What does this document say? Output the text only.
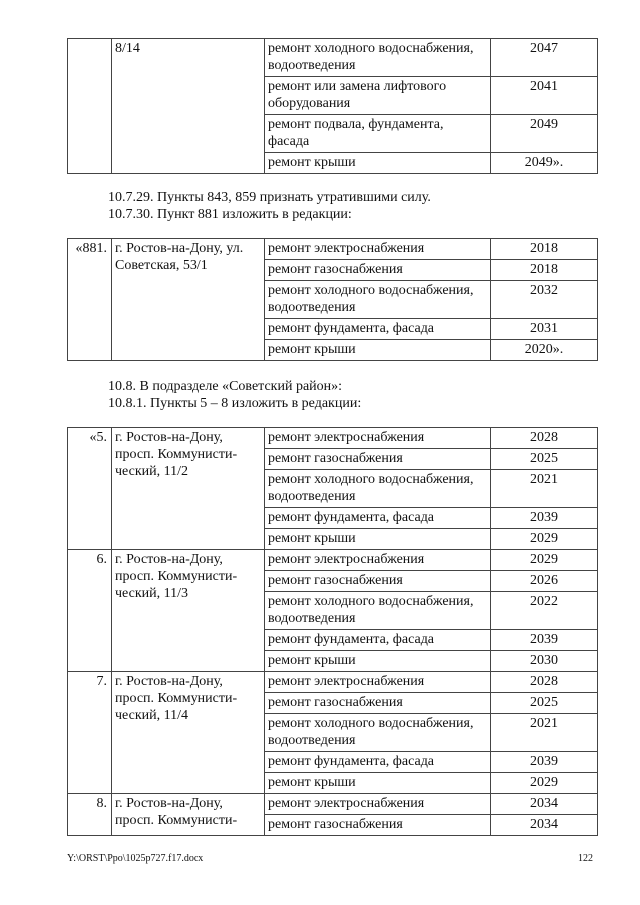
	8/14	ремонт холодного водоснабжения, водоотведения	2047
		ремонт или замена лифтового оборудования	2041
		ремонт подвала, фундамента, фасада	2049
		ремонт крыши	2049».
10.7.29. Пункты 843, 859 признать утратившими силу.
10.7.30. Пункт 881 изложить в редакции:
«881.	г. Ростов-на-Дону, ул. Советская, 53/1	ремонт электроснабжения	2018
		ремонт газоснабжения	2018
		ремонт холодного водоснабжения, водоотведения	2032
		ремонт фундамента, фасада	2031
		ремонт крыши	2020».
10.8. В подразделе «Советский район»:
10.8.1. Пункты 5 – 8 изложить в редакции:
«5.	г. Ростов-на-Дону, просп. Коммунисти-ческий, 11/2	ремонт электроснабжения	2028
		ремонт газоснабжения	2025
		ремонт холодного водоснабжения, водоотведения	2021
		ремонт фундамента, фасада	2039
		ремонт крыши	2029
6.	г. Ростов-на-Дону, просп. Коммунисти-ческий, 11/3	ремонт электроснабжения	2029
		ремонт газоснабжения	2026
		ремонт холодного водоснабжения, водоотведения	2022
		ремонт фундамента, фасада	2039
		ремонт крыши	2030
7.	г. Ростов-на-Дону, просп. Коммунисти-ческий, 11/4	ремонт электроснабжения	2028
		ремонт газоснабжения	2025
		ремонт холодного водоснабжения, водоотведения	2021
		ремонт фундамента, фасада	2039
		ремонт крыши	2029
8.	г. Ростов-на-Дону, просп. Коммунисти-	ремонт электроснабжения	2034
		ремонт газоснабжения	2034
Y:\ORST\Ppo\1025p727.f17.docx	122
